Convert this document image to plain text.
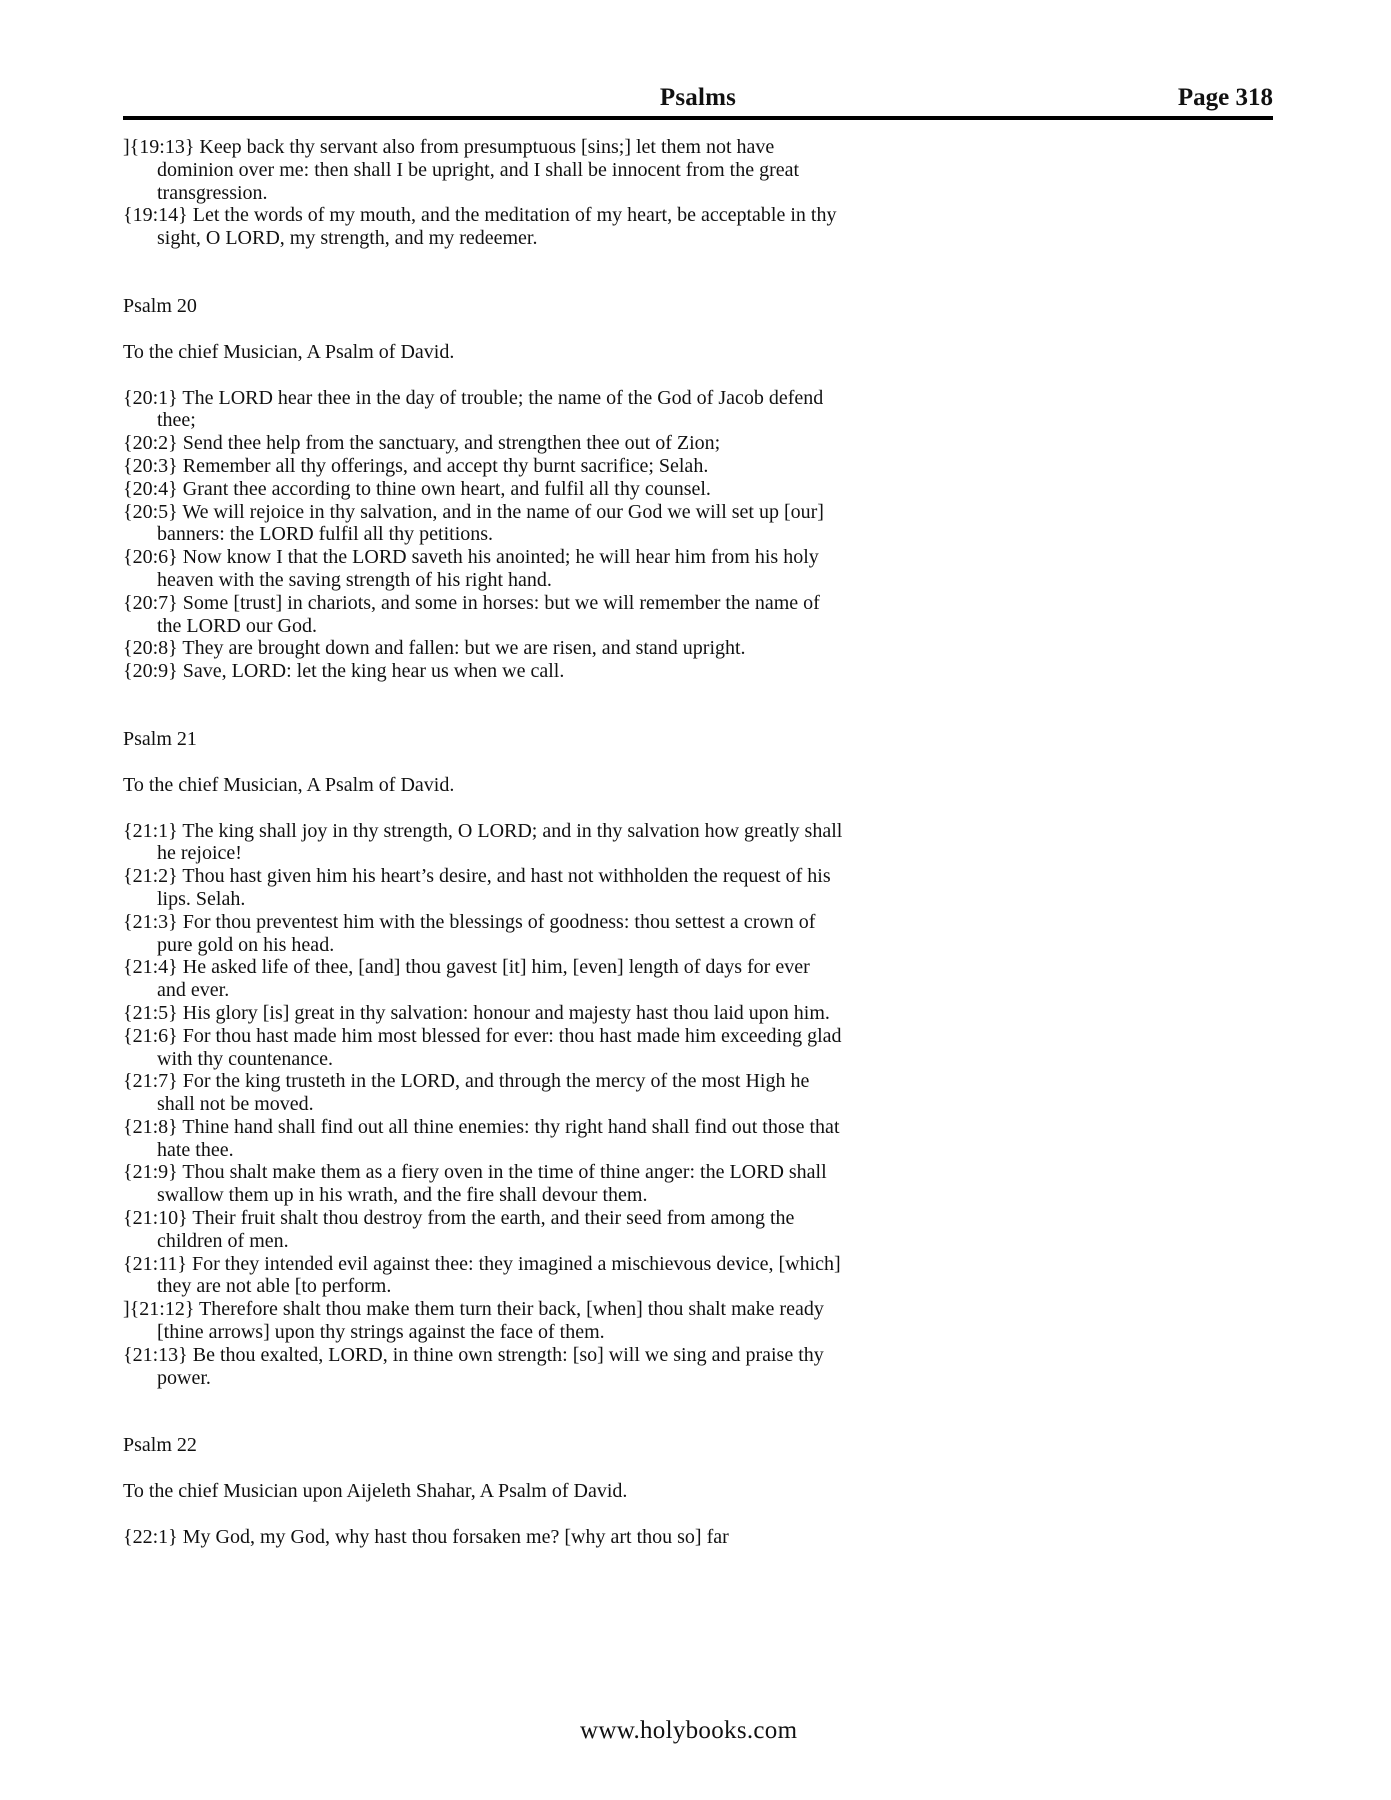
Psalms	Page 318

]{19:13} Keep back thy servant also from presumptuous [sins;] let them not have dominion over me: then shall I be upright, and I shall be innocent from the great transgression.

{19:14} Let the words of my mouth, and the meditation of my heart, be acceptable in thy sight, O LORD, my strength, and my redeemer.

Psalm 20

To the chief Musician, A Psalm of David.

{20:1} The LORD hear thee in the day of trouble; the name of the God of Jacob defend thee;

{20:2} Send thee help from the sanctuary, and strengthen thee out of Zion;

{20:3} Remember all thy offerings, and accept thy burnt sacrifice; Selah.

{20:4} Grant thee according to thine own heart, and fulfil all thy counsel.

{20:5} We will rejoice in thy salvation, and in the name of our God we will set up [our] banners: the LORD fulfil all thy petitions.

{20:6} Now know I that the LORD saveth his anointed; he will hear him from his holy heaven with the saving strength of his right hand.

{20:7} Some [trust] in chariots, and some in horses: but we will remember the name of the LORD our God.

{20:8} They are brought down and fallen: but we are risen, and stand upright.

{20:9} Save, LORD: let the king hear us when we call.

Psalm 21

To the chief Musician, A Psalm of David.

{21:1} The king shall joy in thy strength, O LORD; and in thy salvation how greatly shall he rejoice!

{21:2} Thou hast given him his heart’s desire, and hast not withholden the request of his lips. Selah.

{21:3} For thou preventest him with the blessings of goodness: thou settest a crown of pure gold on his head.

{21:4} He asked life of thee, [and] thou gavest [it] him, [even] length of days for ever and ever.

{21:5} His glory [is] great in thy salvation: honour and majesty hast thou laid upon him.

{21:6} For thou hast made him most blessed for ever: thou hast made him exceeding glad with thy countenance.

{21:7} For the king trusteth in the LORD, and through the mercy of the most High he shall not be moved.

{21:8} Thine hand shall find out all thine enemies: thy right hand shall find out those that hate thee.

{21:9} Thou shalt make them as a fiery oven in the time of thine anger: the LORD shall swallow them up in his wrath, and the fire shall devour them.

{21:10} Their fruit shalt thou destroy from the earth, and their seed from among the children of men.

{21:11} For they intended evil against thee: they imagined a mischievous device, [which] they are not able [to perform.

]{21:12} Therefore shalt thou make them turn their back, [when] thou shalt make ready [thine arrows] upon thy strings against the face of them.

{21:13} Be thou exalted, LORD, in thine own strength: [so] will we sing and praise thy power.

Psalm 22

To the chief Musician upon Aijeleth Shahar, A Psalm of David.

{22:1} My God, my God, why hast thou forsaken me? [why art thou so] far

www.holybooks.com
